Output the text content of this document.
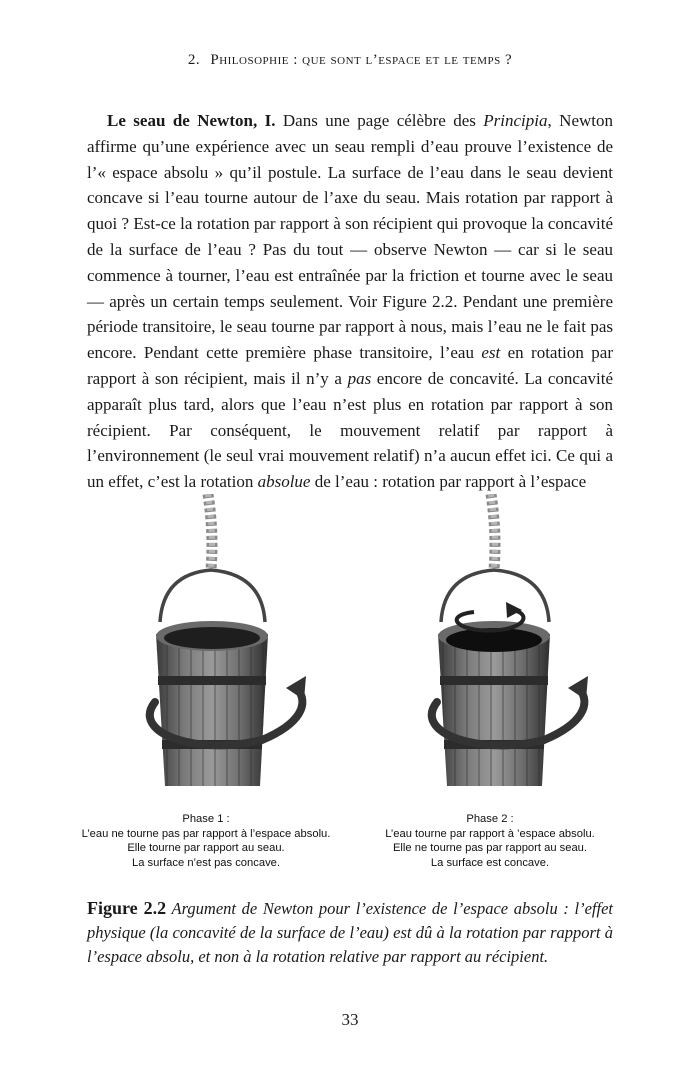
2. Philosophie : que sont l’espace et le temps ?

Le seau de Newton, I. Dans une page célèbre des Principia, Newton affirme qu’une expérience avec un seau rempli d’eau prouve l’existence de l’« espace absolu » qu’il postule. La surface de l’eau dans le seau devient concave si l’eau tourne autour de l’axe du seau. Mais rotation par rapport à quoi ? Est-ce la rotation par rapport à son récipient qui provoque la concavité de la surface de l’eau ? Pas du tout — observe Newton — car si le seau commence à tourner, l’eau est entraînée par la friction et tourne avec le seau — après un certain temps seulement. Voir Figure 2.2. Pendant une première période transitoire, le seau tourne par rapport à nous, mais l’eau ne le fait pas encore. Pendant cette première phase transitoire, l’eau est en rotation par rapport à son récipient, mais il n’y a pas encore de concavité. La concavité apparaît plus tard, alors que l’eau n’est plus en rotation par rapport à son récipient. Par conséquent, le mouvement relatif par rapport à l’environnement (le seul vrai mouvement relatif) n’a aucun effet ici. Ce qui a un effet, c’est la rotation absolue de l’eau : rotation par rapport à l’espace

Phase 1 :
L’eau ne tourne pas par rapport à l’espace absolu.
Elle tourne par rapport au seau.
La surface n’est pas concave.
Phase 2 :
L’eau tourne par rapport à ’espace absolu.
Elle ne tourne pas par rapport au seau.
La surface est concave.

Figure 2.2 Argument de Newton pour l’existence de l’espace absolu : l’effet physique (la concavité de la surface de l’eau) est dû à la rotation par rapport à l’espace absolu, et non à la rotation relative par rapport au récipient.

33
